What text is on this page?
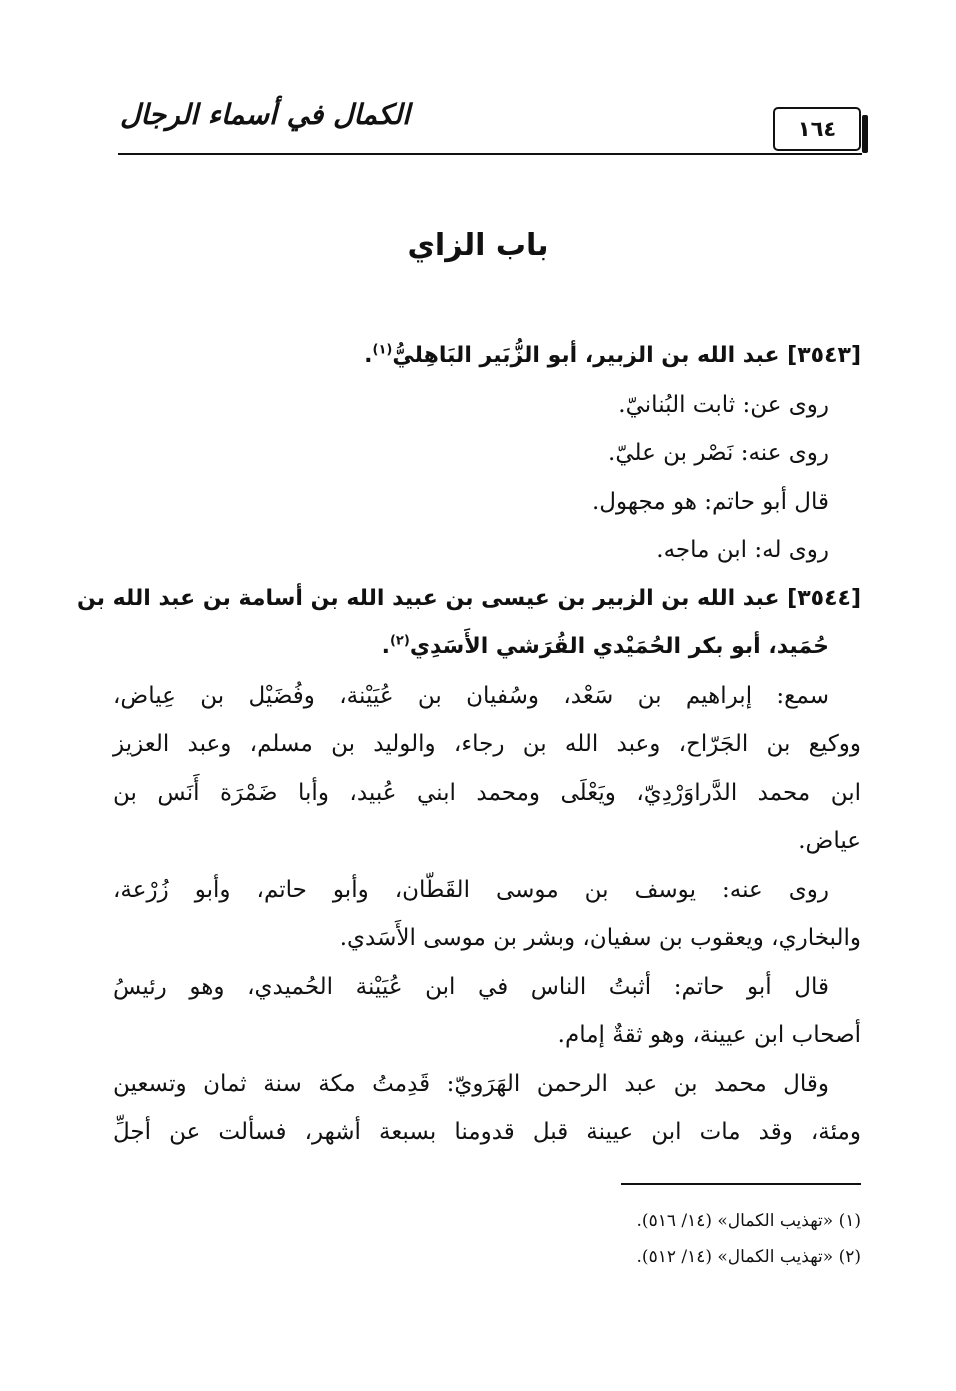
١٦٤
الكمال في أسماء الرجال
باب الزاي
[٣٥٤٣] عبد الله بن الزبير، أبو الزُّبَير البَاهِليُّ$^{(١)}$.
روى عن: ثابت البُنانيّ.
روى عنه: نَصْر بن عليّ.
قال أبو حاتم: هو مجهول.
روى له: ابن ماجه.
[٣٥٤٤] عبد الله بن الزبير بن عيسى بن عبيد الله بن أسامة بن عبد الله بن
حُمَيد، أبو بكر الحُمَيْدي القُرَشي الأَسَدِي$^{(٢)}$.
سمع: إبراهيم بن سَعْد، وسُفيان بن عُيَيْنة، وفُضَيْل بن عِياض،
ووكيع بن الجَرّاح، وعبد الله بن رجاء، والوليد بن مسلم، وعبد العزيز
ابن محمد الدَّراوَرْدِيّ، ويَعْلَى ومحمد ابني عُبيد، وأبا ضَمْرَة أَنَس بن
عياض.
روى عنه: يوسف بن موسى القَطّان، وأبو حاتم، وأبو زُرْعة،
والبخاري، ويعقوب بن سفيان، وبشر بن موسى الأَسَدي.
قال أبو حاتم: أثبتُ الناس في ابن عُيَيْنة الحُميدي، وهو رئيسُ
أصحاب ابن عيينة، وهو ثقةٌ إمام.
وقال محمد بن عبد الرحمن الهَرَويّ: قَدِمتُ مكة سنة ثمان وتسعين
ومئة، وقد مات ابن عيينة قبل قدومنا بسبعة أشهر، فسألت عن أجلِّ
(١) «تهذيب الكمال» (١٤/ ٥١٦).
(٢) «تهذيب الكمال» (١٤/ ٥١٢).
